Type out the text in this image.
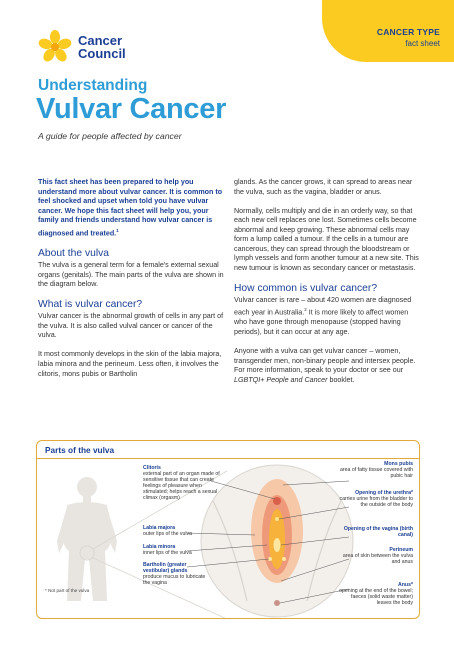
Cancer
Council
CANCER TYPE
fact sheet
Understanding
Vulvar Cancer
A guide for people affected by cancer

This fact sheet has been prepared to help you understand more about vulvar cancer. It is common to feel shocked and upset when told you have vulvar cancer. We hope this fact sheet will help you, your family and friends understand how vulvar cancer is diagnosed and treated.$^1$

About the vulva

The vulva is a general term for a female's external sexual organs (genitals). The main parts of the vulva are shown in the diagram below.

What is vulvar cancer?

Vulvar cancer is the abnormal growth of cells in any part of the vulva. It is also called vulval cancer or cancer of the vulva.

It most commonly develops in the skin of the labia majora, labia minora and the perineum. Less often, it involves the clitoris, mons pubis or Bartholin

glands. As the cancer grows, it can spread to areas near the vulva, such as the vagina, bladder or anus.

Normally, cells multiply and die in an orderly way, so that each new cell replaces one lost. Sometimes cells become abnormal and keep growing. These abnormal cells may form a lump called a tumour. If the cells in a tumour are cancerous, they can spread through the bloodstream or lymph vessels and form another tumour at a new site. This new tumour is known as secondary cancer or metastasis.

How common is vulvar cancer?

Vulvar cancer is rare – about 420 women are diagnosed each year in Australia.$^2$ It is more likely to affect women who have gone through menopause (stopped having periods), but it can occur at any age.

Anyone with a vulva can get vulvar cancer – women, transgender men, non-binary people and intersex people. For more information, speak to your doctor or see our LGBTQI+ People and Cancer booklet.

Parts of the vulva
Clitoris
external part of an organ made of sensitive tissue that can create feelings of pleasure when stimulated; helps reach a sexual climax (orgasm)
Labia majora
outer lips of the vulva
Labia minora
inner lips of the vulva
Bartholin (greater vestibular) glands
produce mucus to lubricate the vagina
Mons pubis
area of fatty tissue covered with pubic hair
Opening of the urethra*
carries urine from the bladder to the outside of the body
Opening of the vagina (birth canal)
Perineum
area of skin between the vulva and anus
Anus*
opening at the end of the bowel; faeces (solid waste matter) leaves the body
* Not part of the vulva
